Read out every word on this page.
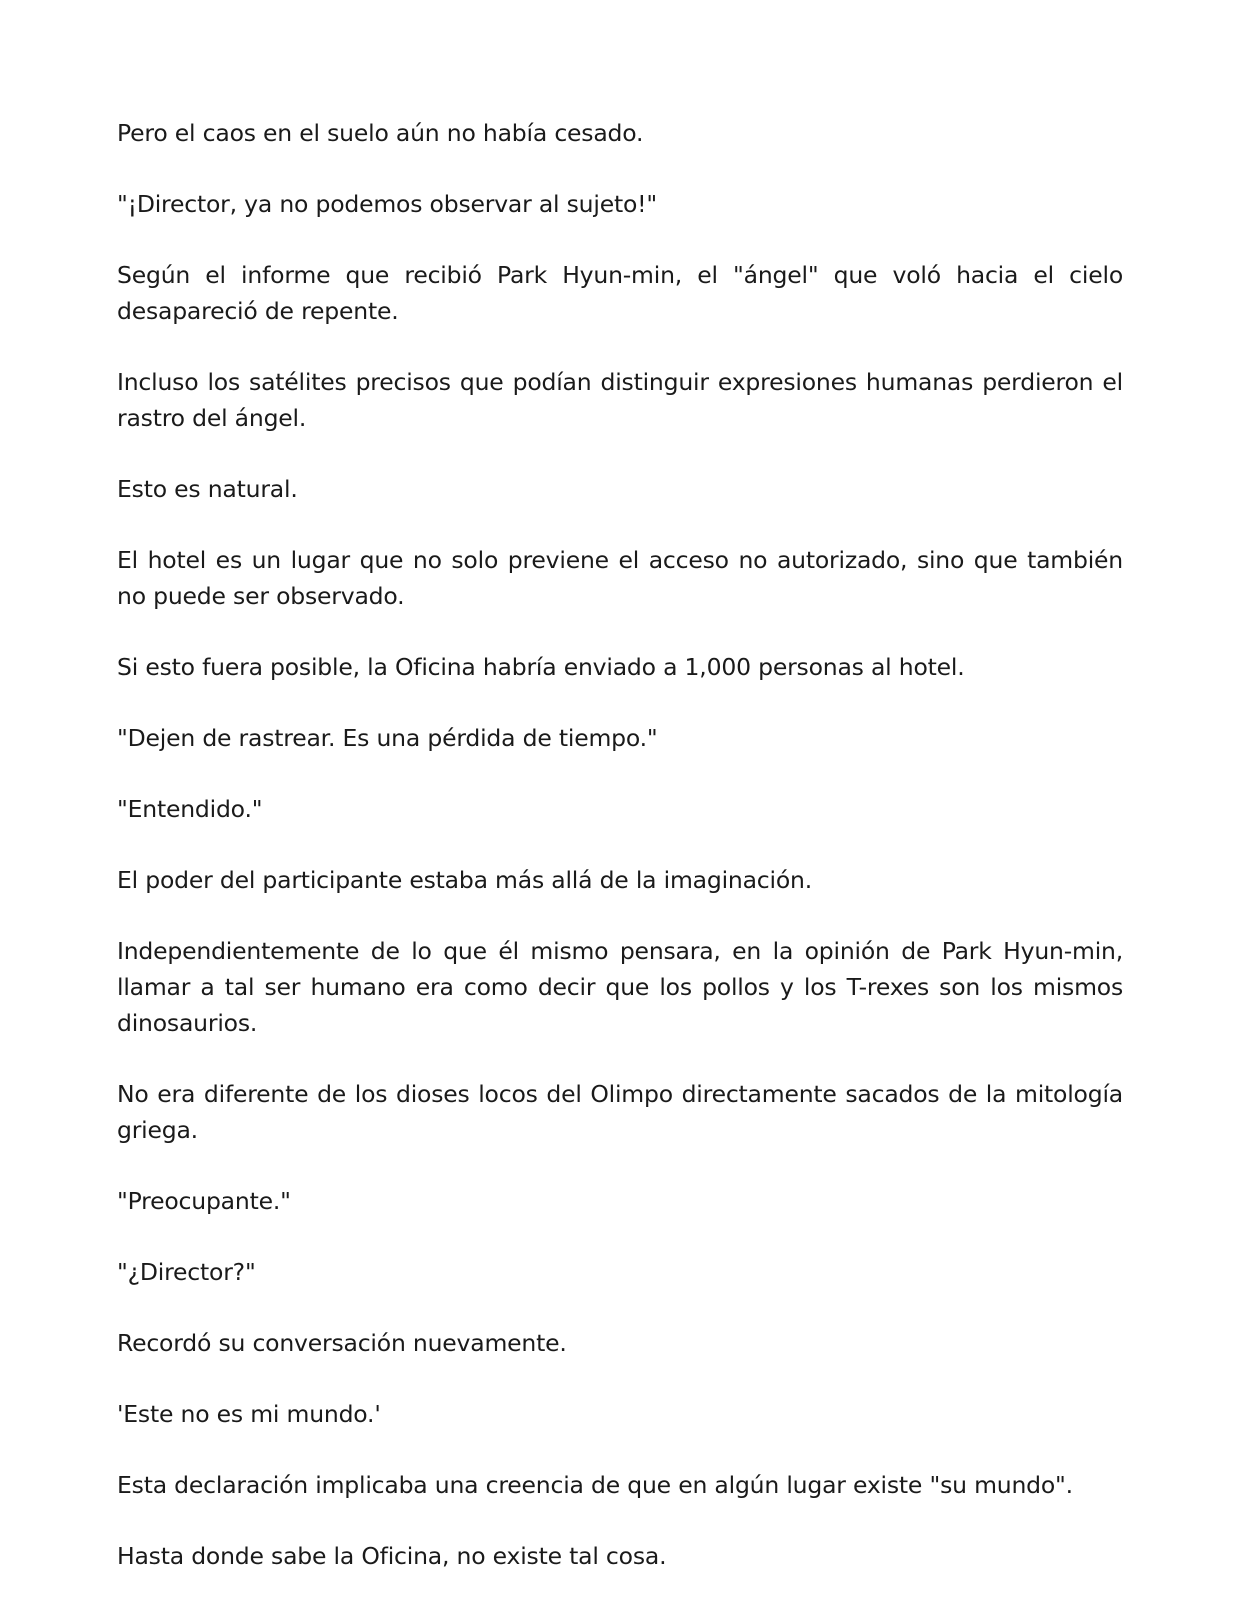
Pero el caos en el suelo aún no había cesado.

"¡Director, ya no podemos observar al sujeto!"

Según el informe que recibió Park Hyun-min, el "ángel" que voló hacia el cielo desapareció de repente.

Incluso los satélites precisos que podían distinguir expresiones humanas perdieron el rastro del ángel.

Esto es natural.

El hotel es un lugar que no solo previene el acceso no autorizado, sino que también no puede ser observado.

Si esto fuera posible, la Oficina habría enviado a 1,000 personas al hotel.

"Dejen de rastrear. Es una pérdida de tiempo."

"Entendido."

El poder del participante estaba más allá de la imaginación.

Independientemente de lo que él mismo pensara, en la opinión de Park Hyun-min, llamar a tal ser humano era como decir que los pollos y los T-rexes son los mismos dinosaurios.

No era diferente de los dioses locos del Olimpo directamente sacados de la mitología griega.

"Preocupante."

"¿Director?"

Recordó su conversación nuevamente.

'Este no es mi mundo.'

Esta declaración implicaba una creencia de que en algún lugar existe "su mundo".

Hasta donde sabe la Oficina, no existe tal cosa.
